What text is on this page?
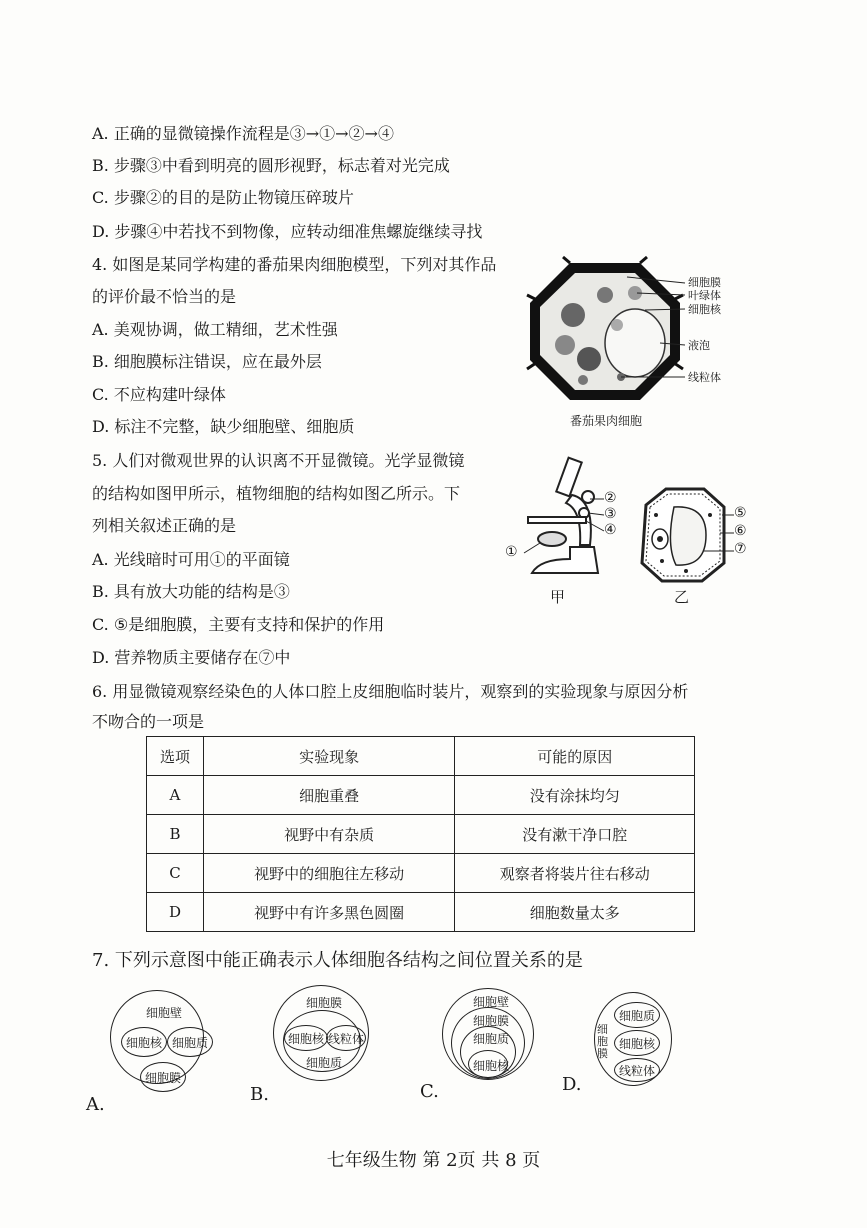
A. 正确的显微镜操作流程是③→①→②→④
B. 步骤③中看到明亮的圆形视野，标志着对光完成
C. 步骤②的目的是防止物镜压碎玻片
D. 步骤④中若找不到物像，应转动细准焦螺旋继续寻找
4. 如图是某同学构建的番茄果肉细胞模型，下列对其作品
的评价最不恰当的是
A. 美观协调，做工精细，艺术性强
B. 细胞膜标注错误，应在最外层
C. 不应构建叶绿体
D. 标注不完整，缺少细胞壁、细胞质
细胞膜
叶绿体
细胞核
液泡
线粒体
番茄果肉细胞
5. 人们对微观世界的认识离不开显微镜。光学显微镜
的结构如图甲所示，植物细胞的结构如图乙所示。下
列相关叙述正确的是
A. 光线暗时可用①的平面镜
B. 具有放大功能的结构是③
C. ⑤是细胞膜，主要有支持和保护的作用
D. 营养物质主要储存在⑦中
②
③
④
①
甲
⑤
⑥
⑦
乙
6. 用显微镜观察经染色的人体口腔上皮细胞临时装片，观察到的实验现象与原因分析
不吻合的一项是
选项	实验现象	可能的原因
A	细胞重叠	没有涂抹均匀
B	视野中有杂质	没有漱干净口腔
C	视野中的细胞往左移动	观察者将装片往右移动
D	视野中有许多黑色圆圈	细胞数量太多
7. 下列示意图中能正确表示人体细胞各结构之间位置关系的是
细胞壁
细胞核 细胞质
细胞膜
A.
细胞膜
细胞核 线粒体
细胞质
B.
细胞壁
细胞膜
细胞质
细胞核
C.
细胞膜
细胞质
细胞核
线粒体
D.
七年级生物 第 2页 共 8 页
